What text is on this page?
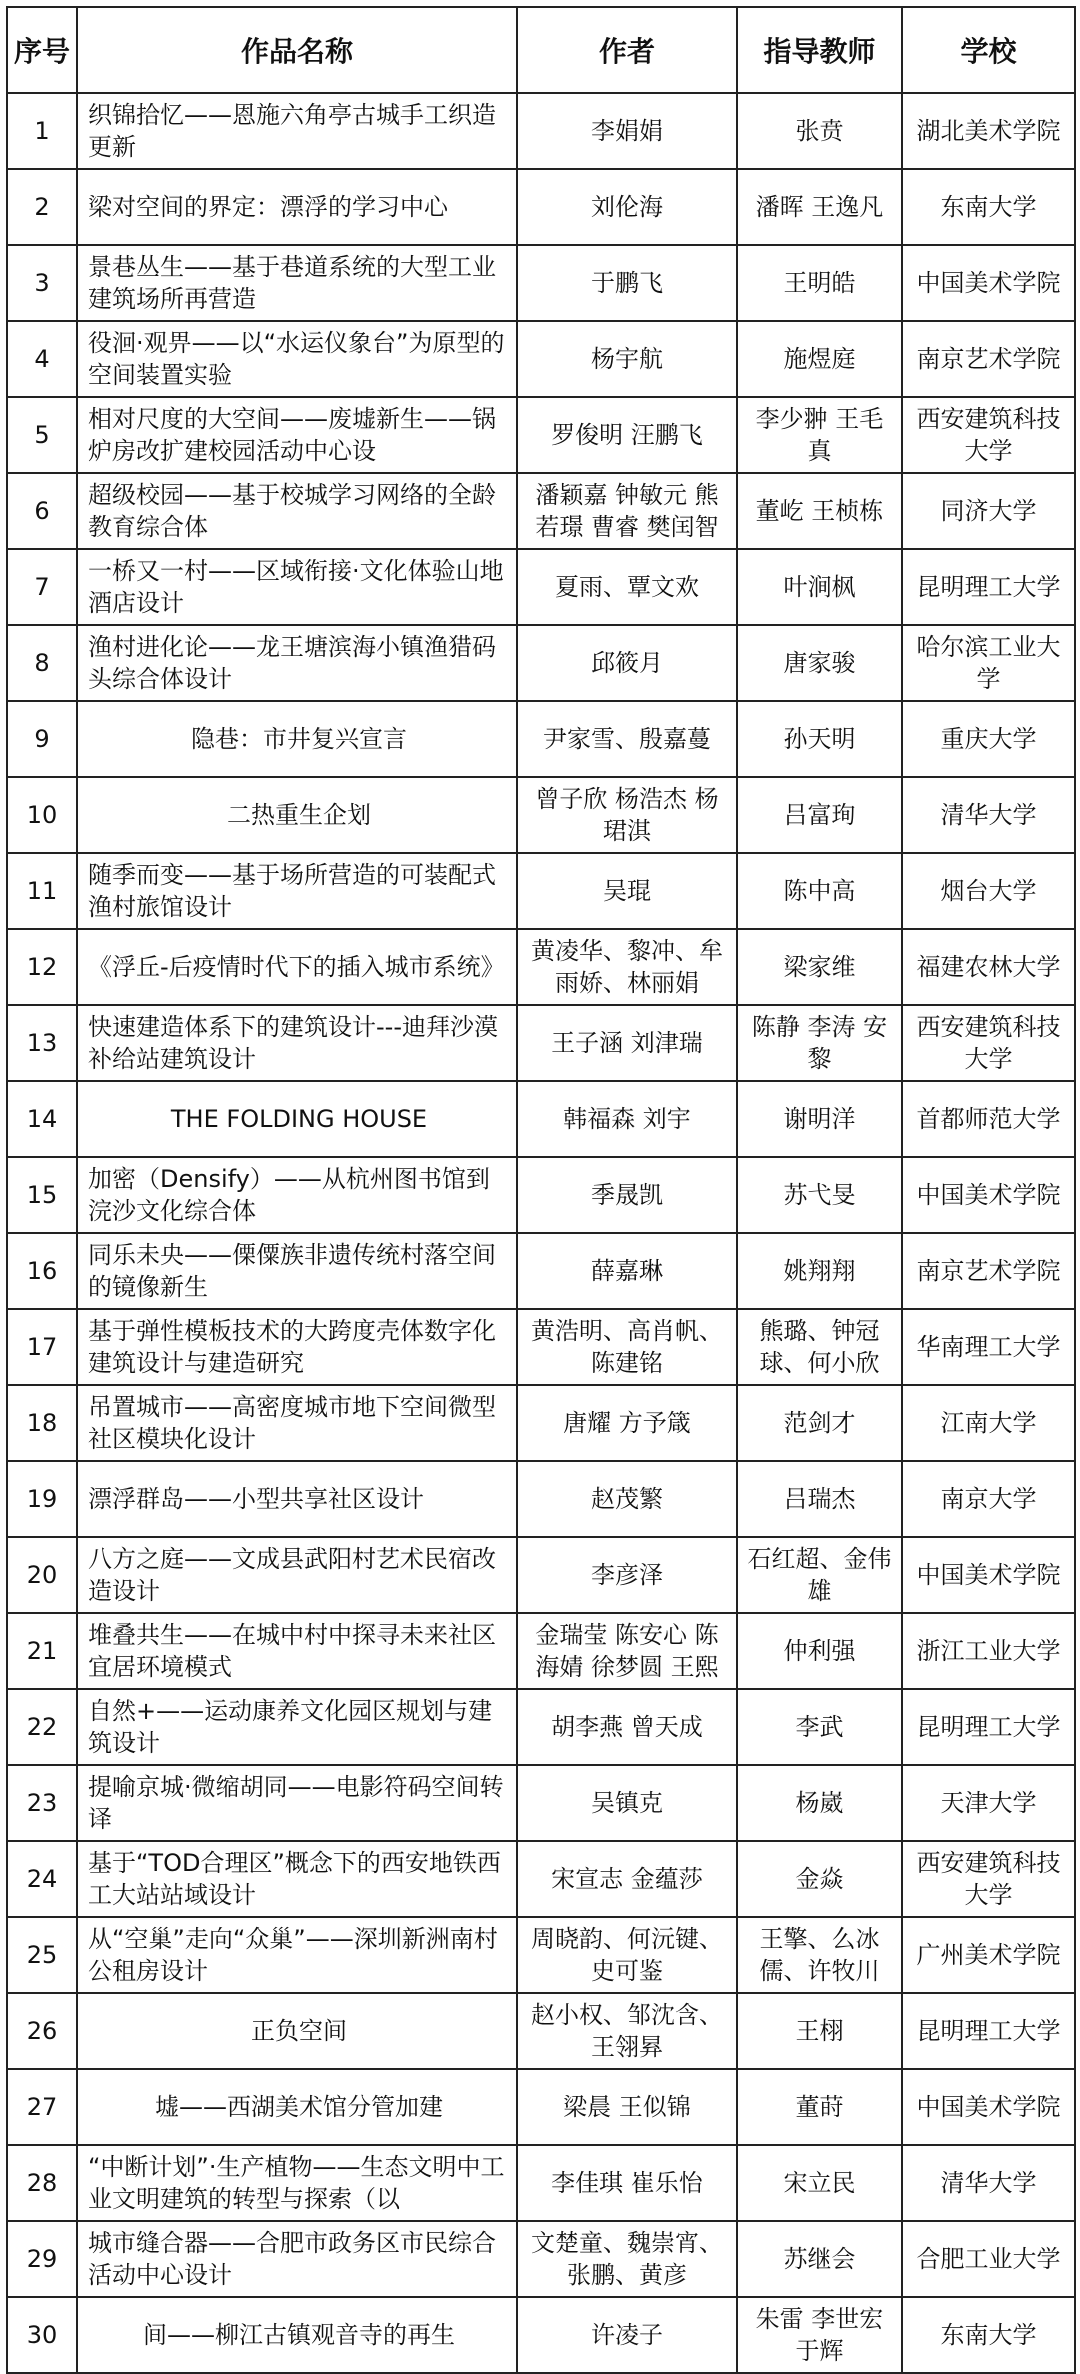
序号	作品名称	作者	指导教师	学校
1	织锦拾忆——恩施六角亭古城手工织造更新	李娟娟	张贲	湖北美术学院
2	梁对空间的界定：漂浮的学习中心	刘伦海	潘晖 王逸凡	东南大学
3	景巷丛生——基于巷道系统的大型工业建筑场所再营造	于鹏飞	王明皓	中国美术学院
4	役洄·观畀——以“水运仪象台”为原型的空间装置实验	杨宇航	施煜庭	南京艺术学院
5	相对尺度的大空间——废墟新生——锅炉房改扩建校园活动中心设	罗俊明 汪鹏飞	李少翀 王毛真	西安建筑科技大学
6	超级校园——基于校城学习网络的全龄教育综合体	潘颖嘉 钟敏元 熊若璟 曹睿 樊闰智	董屹 王桢栋	同济大学
7	一桥又一村——区域衔接·文化体验山地酒店设计	夏雨、覃文欢	叶涧枫	昆明理工大学
8	渔村进化论——龙王塘滨海小镇渔猎码头综合体设计	邱筱月	唐家骏	哈尔滨工业大学
9	隐巷：市井复兴宣言	尹家雪、殷嘉蔓	孙天明	重庆大学
10	二热重生企划	曾子欣 杨浩杰 杨珺淇	吕富珣	清华大学
11	随季而变——基于场所营造的可装配式渔村旅馆设计	吴琨	陈中高	烟台大学
12	《浮丘-后疫情时代下的插入城市系统》	黄凌华、黎冲、牟雨娇、林丽娟	梁家维	福建农林大学
13	快速建造体系下的建筑设计---迪拜沙漠补给站建筑设计	王子涵 刘津瑞	陈静 李涛 安黎	西安建筑科技大学
14	THE FOLDING HOUSE	韩福森 刘宇	谢明洋	首都师范大学
15	加密（Densify）——从杭州图书馆到浣沙文化综合体	季晟凯	苏弋旻	中国美术学院
16	同乐未央——傈僳族非遗传统村落空间的镜像新生	薛嘉琳	姚翔翔	南京艺术学院
17	基于弹性模板技术的大跨度壳体数字化建筑设计与建造研究	黄浩明、高肖帆、陈建铭	熊璐、钟冠球、何小欣	华南理工大学
18	吊置城市——高密度城市地下空间微型社区模块化设计	唐耀 方予箴	范剑才	江南大学
19	漂浮群岛——小型共享社区设计	赵茂繁	吕瑞杰	南京大学
20	八方之庭——文成县武阳村艺术民宿改造设计	李彦泽	石红超、金伟雄	中国美术学院
21	堆叠共生——在城中村中探寻未来社区宜居环境模式	金瑞莹 陈安心 陈海婧 徐梦圆 王熙	仲利强	浙江工业大学
22	自然+——运动康养文化园区规划与建筑设计	胡李燕 曾天成	李武	昆明理工大学
23	提喻京城·微缩胡同——电影符码空间转译	吴镇克	杨崴	天津大学
24	基于“TOD合理区”概念下的西安地铁西工大站站域设计	宋宣志 金蕴莎	金焱	西安建筑科技大学
25	从“空巢”走向“众巢”——深圳新洲南村公租房设计	周晓韵、何沅键、史可鉴	王擎、么冰儒、许牧川	广州美术学院
26	正负空间	赵小权、邹沈含、王翎昪	王栩	昆明理工大学
27	墟——西湖美术馆分管加建	梁晨 王似锦	董莳	中国美术学院
28	“中断计划”·生产植物——生态文明中工业文明建筑的转型与探索（以	李佳琪 崔乐怡	宋立民	清华大学
29	城市缝合器——合肥市政务区市民综合活动中心设计	文楚童、魏崇宵、张鹏、黄彦	苏继会	合肥工业大学
30	间——柳江古镇观音寺的再生	许凌子	朱雷 李世宏 于辉	东南大学
